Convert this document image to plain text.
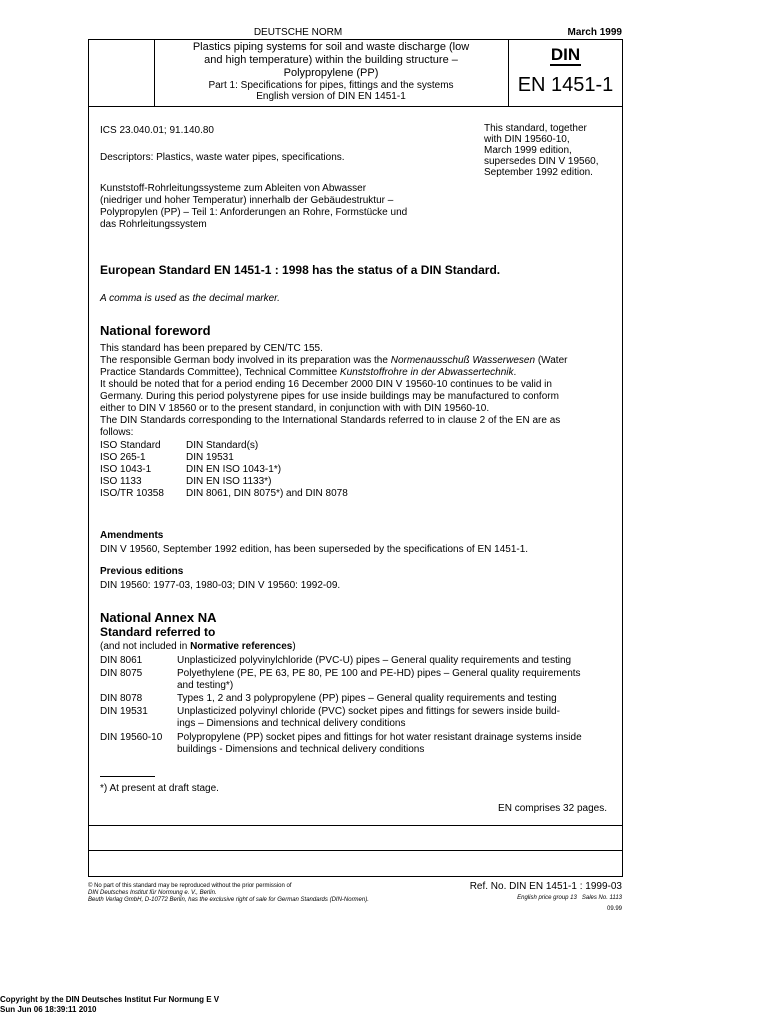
DEUTSCHE NORM	March 1999
Plastics piping systems for soil and waste discharge (low
and high temperature) within the building structure –
Polypropylene (PP)
Part 1: Specifications for pipes, fittings and the systems
English version of DIN EN 1451-1
DIN
EN 1451-1
ICS 23.040.01; 91.140.80
Descriptors: Plastics, waste water pipes, specifications.
This standard, together
with DIN 19560-10,
March 1999 edition,
supersedes DIN V 19560,
September 1992 edition.
Kunststoff-Rohrleitungssysteme zum Ableiten von Abwasser
(niedriger und hoher Temperatur) innerhalb der Gebäudestruktur –
Polypropylen (PP) – Teil 1: Anforderungen an Rohre, Formstücke und
das Rohrleitungssystem
European Standard EN 1451-1 : 1998 has the status of a DIN Standard.
A comma is used as the decimal marker.
National foreword
This standard has been prepared by CEN/TC 155.
The responsible German body involved in its preparation was the Normenausschuß Wasserwesen (Water
Practice Standards Committee), Technical Committee Kunststoffrohre in der Abwassertechnik.
It should be noted that for a period ending 16 December 2000 DIN V 19560-10 continues to be valid in
Germany. During this period polystyrene pipes for use inside buildings may be manufactured to conform
either to DIN V 18560 or to the present standard, in conjunction with with DIN 19560-10.
The DIN Standards corresponding to the International Standards referred to in clause 2 of the EN are as
follows:
ISO Standard	DIN Standard(s)
ISO 265-1	DIN 19531
ISO 1043-1	DIN EN ISO 1043-1*)
ISO 1133	DIN EN ISO 1133*)
ISO/TR 10358	DIN 8061, DIN 8075*) and DIN 8078
Amendments
DIN V 19560, September 1992 edition, has been superseded by the specifications of EN 1451-1.
Previous editions
DIN 19560: 1977-03, 1980-03; DIN V 19560: 1992-09.
National Annex NA
Standard referred to
(and not included in Normative references)
DIN 8061	Unplasticized polyvinylchloride (PVC-U) pipes – General quality requirements and testing

DIN 8075	Polyethylene (PE, PE 63, PE 80, PE 100 and PE-HD) pipes – General quality requirements
and testing*)

DIN 8078	Types 1, 2 and 3 polypropylene (PP) pipes – General quality requirements and testing

DIN 19531	Unplasticized polyvinyl chloride (PVC) socket pipes and fittings for sewers inside build-
ings – Dimensions and technical delivery conditions

DIN 19560-10	Polypropylene (PP) socket pipes and fittings for hot water resistant drainage systems inside
buildings - Dimensions and technical delivery conditions
*) At present at draft stage.
EN comprises 32 pages.
© No part of this standard may be reproduced without the prior permission of
DIN Deutsches Institut für Normung e. V., Berlin.
Beuth Verlag GmbH, D-10772 Berlin, has the exclusive right of sale for German Standards (DIN-Normen).
Ref. No. DIN EN 1451-1 : 1999-03
English price group 13 Sales No. 1113
09.99
Copyright by the DIN Deutsches Institut Fur Normung E V
Sun Jun 06 18:39:11 2010
